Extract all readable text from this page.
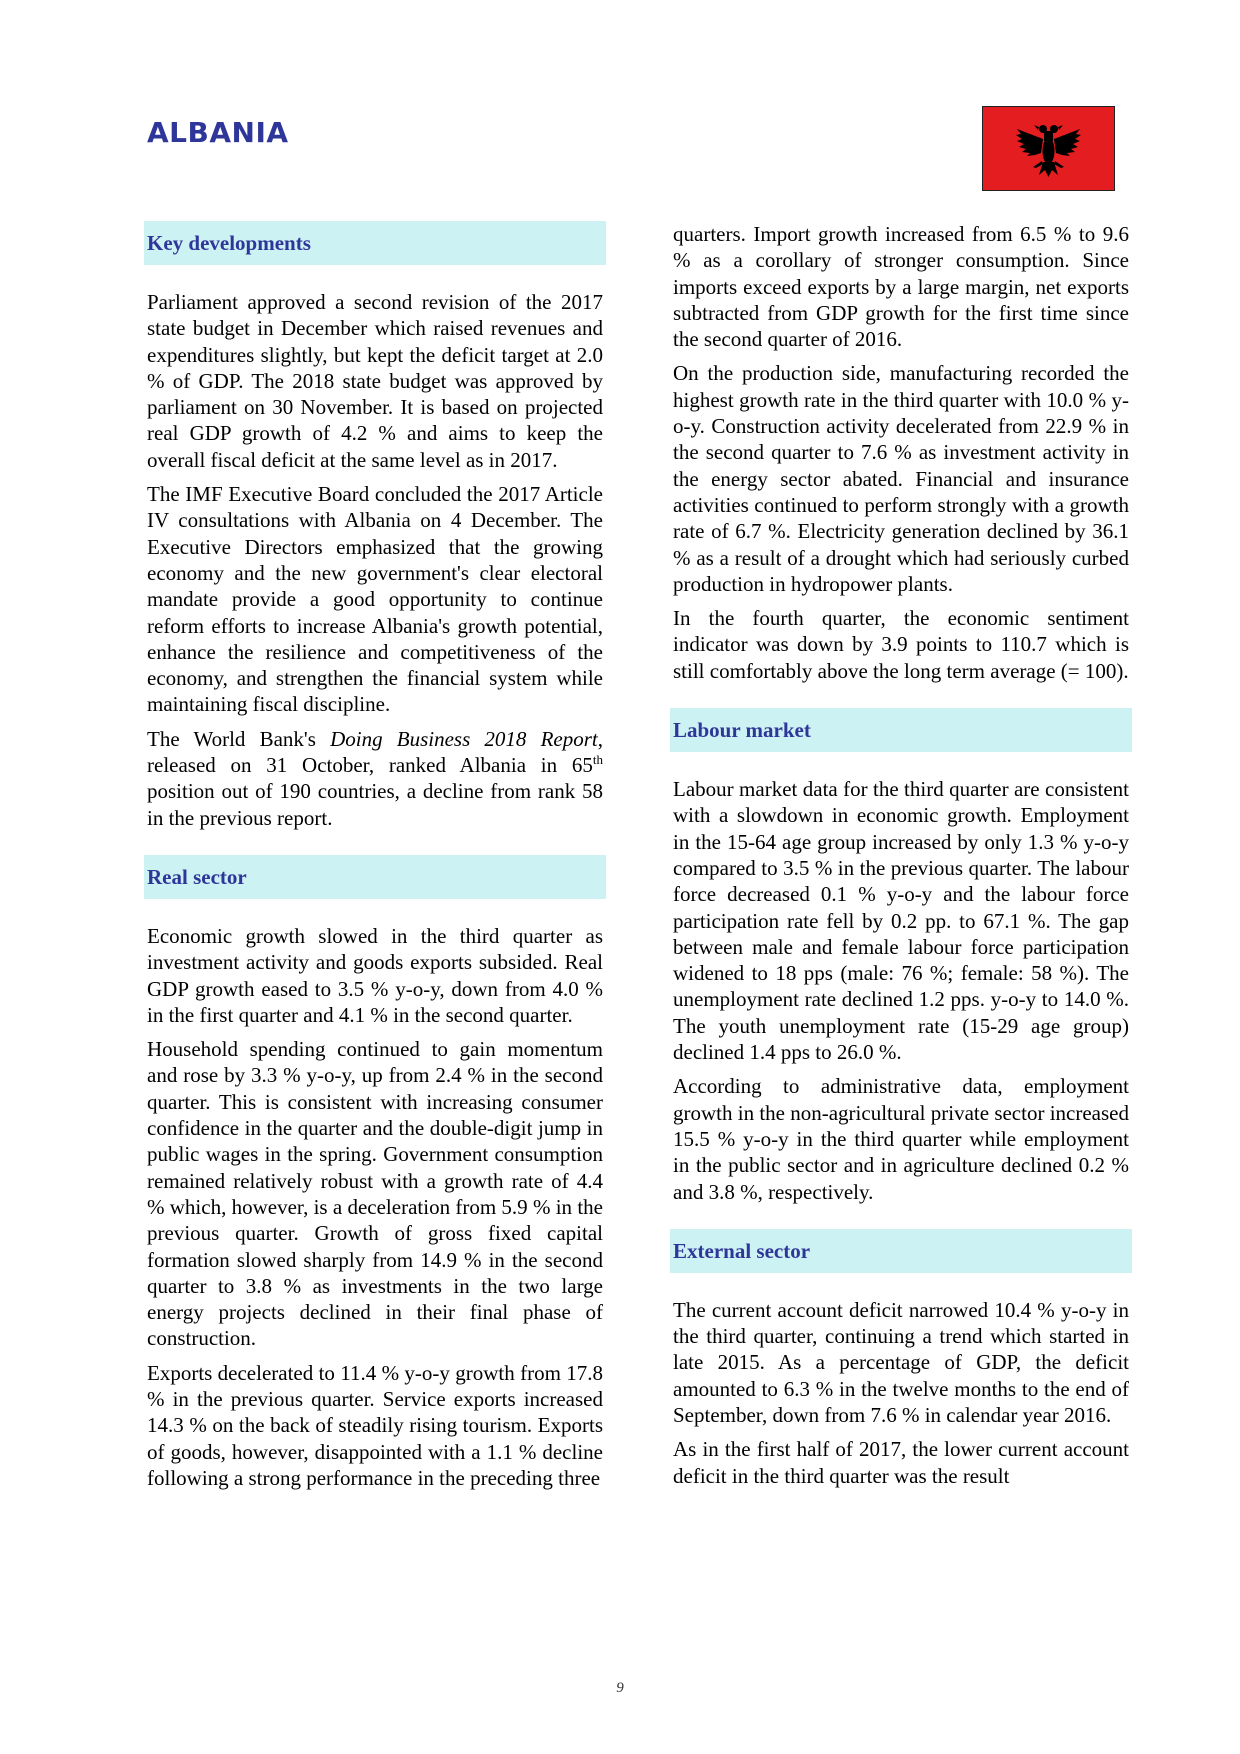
ALBANIA
Key developments

Parliament approved a second revision of the 2017 state budget in December which raised revenues and expenditures slightly, but kept the deficit target at 2.0 % of GDP. The 2018 state budget was approved by parliament on 30 November. It is based on projected real GDP growth of 4.2 % and aims to keep the overall fiscal deficit at the same level as in 2017.

The IMF Executive Board concluded the 2017 Article IV consultations with Albania on 4 December. The Executive Directors emphasized that the growing economy and the new government's clear electoral mandate provide a good opportunity to continue reform efforts to increase Albania's growth potential, enhance the resilience and competitiveness of the economy, and strengthen the financial system while maintaining fiscal discipline.

The World Bank's Doing Business 2018 Report, released on 31 October, ranked Albania in 65th position out of 190 countries, a decline from rank 58 in the previous report.

Real sector

Economic growth slowed in the third quarter as investment activity and goods exports subsided. Real GDP growth eased to 3.5 % y-o-y, down from 4.0 % in the first quarter and 4.1 % in the second quarter.

Household spending continued to gain momentum and rose by 3.3 % y-o-y, up from 2.4 % in the second quarter. This is consistent with increasing consumer confidence in the quarter and the double-digit jump in public wages in the spring. Government consumption remained relatively robust with a growth rate of 4.4 % which, however, is a deceleration from 5.9 % in the previous quarter. Growth of gross fixed capital formation slowed sharply from 14.9 % in the second quarter to 3.8 % as investments in the two large energy projects declined in their final phase of construction.

Exports decelerated to 11.4 % y-o-y growth from 17.8 % in the previous quarter. Service exports increased 14.3 % on the back of steadily rising tourism. Exports of goods, however, disappointed with a 1.1 % decline following a strong performance in the preceding three

quarters. Import growth increased from 6.5 % to 9.6 % as a corollary of stronger consumption. Since imports exceed exports by a large margin, net exports subtracted from GDP growth for the first time since the second quarter of 2016.

On the production side, manufacturing recorded the highest growth rate in the third quarter with 10.0 % y-o-y. Construction activity decelerated from 22.9 % in the second quarter to 7.6 % as investment activity in the energy sector abated. Financial and insurance activities continued to perform strongly with a growth rate of 6.7 %. Electricity generation declined by 36.1 % as a result of a drought which had seriously curbed production in hydropower plants.

In the fourth quarter, the economic sentiment indicator was down by 3.9 points to 110.7 which is still comfortably above the long term average (= 100).

Labour market

Labour market data for the third quarter are consistent with a slowdown in economic growth. Employment in the 15-64 age group increased by only 1.3 % y-o-y compared to 3.5 % in the previous quarter. The labour force decreased 0.1 % y-o-y and the labour force participation rate fell by 0.2 pp. to 67.1 %. The gap between male and female labour force participation widened to 18 pps (male: 76 %; female: 58 %). The unemployment rate declined 1.2 pps. y-o-y to 14.0 %. The youth unemployment rate (15-29 age group) declined 1.4 pps to 26.0 %.

According to administrative data, employment growth in the non-agricultural private sector increased 15.5 % y-o-y in the third quarter while employment in the public sector and in agriculture declined 0.2 % and 3.8 %, respectively.

External sector

The current account deficit narrowed 10.4 % y-o-y in the third quarter, continuing a trend which started in late 2015. As a percentage of GDP, the deficit amounted to 6.3 % in the twelve months to the end of September, down from 7.6 % in calendar year 2016.

As in the first half of 2017, the lower current account deficit in the third quarter was the result

9
